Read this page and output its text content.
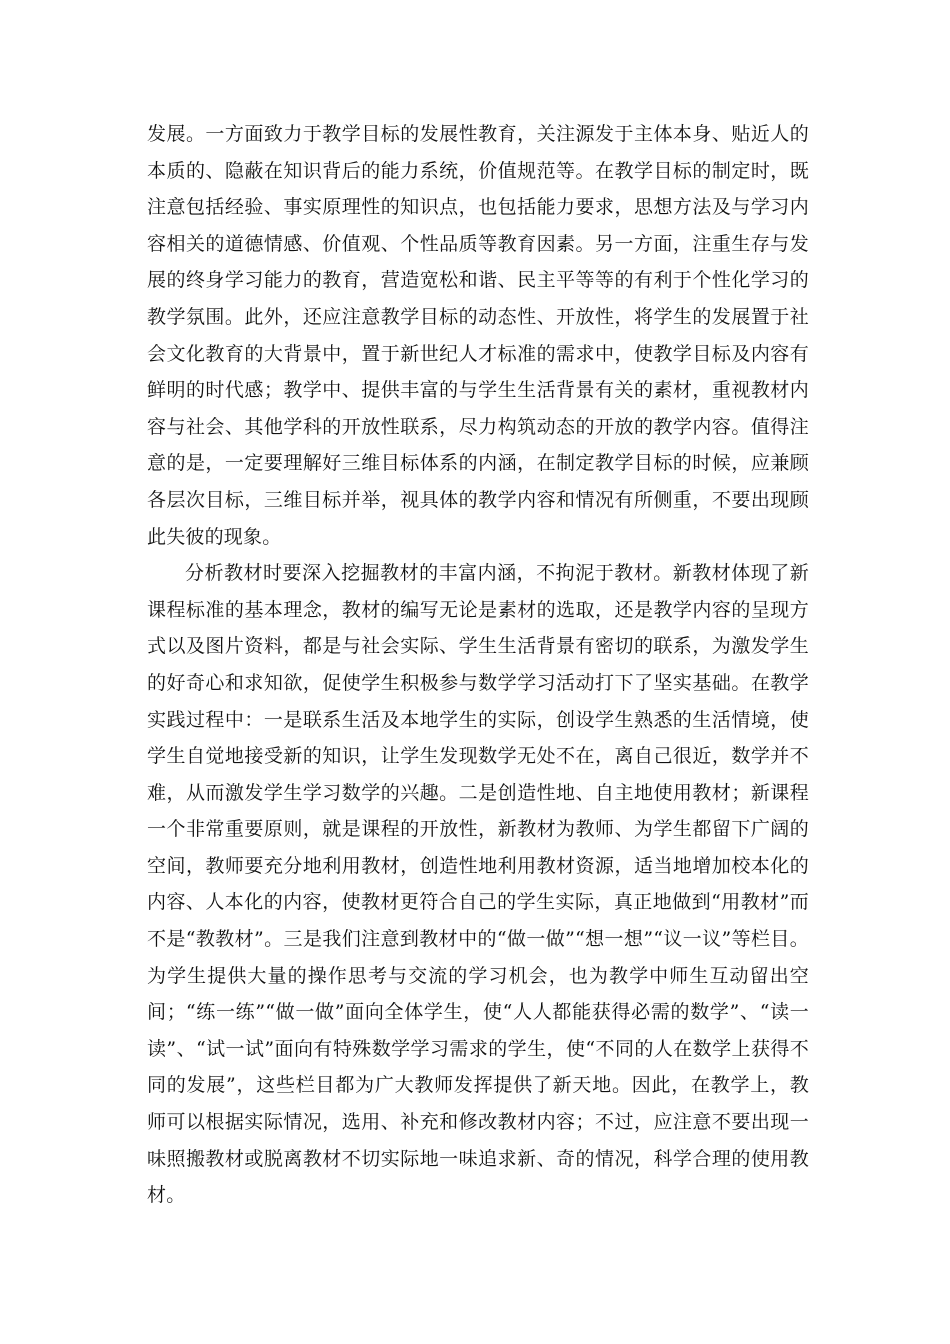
发展。一方面致力于教学目标的发展性教育，关注源发于主体本身、贴近人的本质的、隐蔽在知识背后的能力系统，价值规范等。在教学目标的制定时，既注意包括经验、事实原理性的知识点，也包括能力要求，思想方法及与学习内容相关的道德情感、价值观、个性品质等教育因素。另一方面，注重生存与发展的终身学习能力的教育，营造宽松和谐、民主平等等的有利于个性化学习的教学氛围。此外，还应注意教学目标的动态性、开放性，将学生的发展置于社会文化教育的大背景中，置于新世纪人才标准的需求中，使教学目标及内容有鲜明的时代感；教学中、提供丰富的与学生生活背景有关的素材，重视教材内容与社会、其他学科的开放性联系，尽力构筑动态的开放的教学内容。值得注意的是，一定要理解好三维目标体系的内涵，在制定教学目标的时候，应兼顾各层次目标，三维目标并举，视具体的教学内容和情况有所侧重，不要出现顾此失彼的现象。

分析教材时要深入挖掘教材的丰富内涵，不拘泥于教材。新教材体现了新课程标准的基本理念，教材的编写无论是素材的选取，还是教学内容的呈现方式以及图片资料，都是与社会实际、学生生活背景有密切的联系，为激发学生的好奇心和求知欲，促使学生积极参与数学学习活动打下了坚实基础。在教学实践过程中：一是联系生活及本地学生的实际，创设学生熟悉的生活情境，使学生自觉地接受新的知识，让学生发现数学无处不在，离自己很近，数学并不难，从而激发学生学习数学的兴趣。二是创造性地、自主地使用教材；新课程一个非常重要原则，就是课程的开放性，新教材为教师、为学生都留下广阔的空间，教师要充分地利用教材，创造性地利用教材资源，适当地增加校本化的内容、人本化的内容，使教材更符合自己的学生实际，真正地做到“用教材”而不是“教教材”。三是我们注意到教材中的“做一做”“想一想”“议一议”等栏目。为学生提供大量的操作思考与交流的学习机会，也为教学中师生互动留出空间；“练一练”“做一做”面向全体学生，使“人人都能获得必需的数学”、“读一读”、“试一试”面向有特殊数学学习需求的学生，使“不同的人在数学上获得不同的发展”，这些栏目都为广大教师发挥提供了新天地。因此，在教学上，教师可以根据实际情况，选用、补充和修改教材内容；不过，应注意不要出现一味照搬教材或脱离教材不切实际地一味追求新、奇的情况，科学合理的使用教材。
